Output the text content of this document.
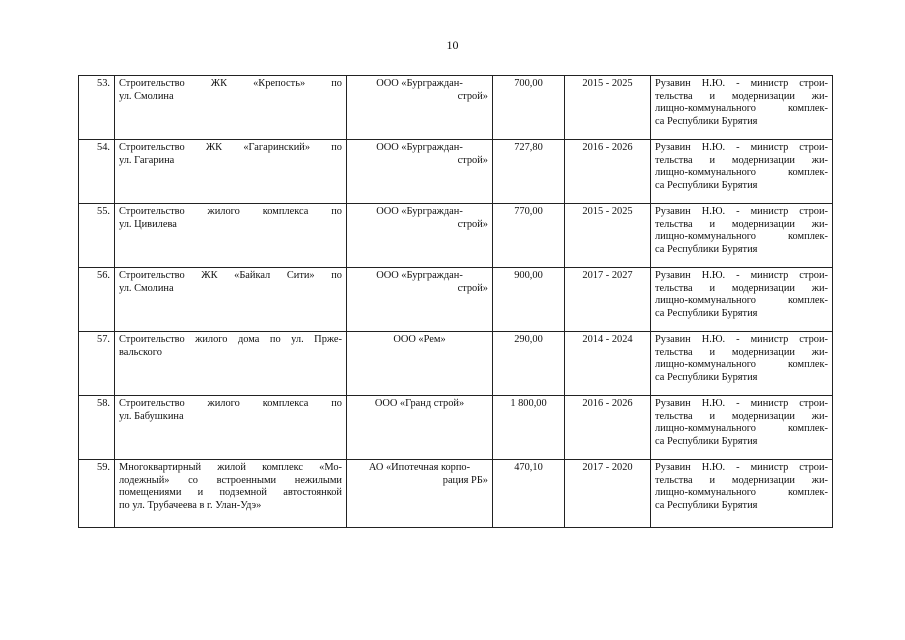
10
53.	Строительство ЖК «Крепость» по
ул. Смолина	ООО «Бурграждан-
строй»	700,00	2015 - 2025	Рузавин Н.Ю. - министр строи-
тельства и модернизации жи-
лищно-коммунального комплек-
са Республики Бурятия

54.	Строительство ЖК «Гагаринский» по
ул. Гагарина	ООО «Бурграждан-
строй»	727,80	2016 - 2026	Рузавин Н.Ю. - министр строи-
тельства и модернизации жи-
лищно-коммунального комплек-
са Республики Бурятия

55.	Строительство жилого комплекса по
ул. Цивилева	ООО «Бурграждан-
строй»	770,00	2015 - 2025	Рузавин Н.Ю. - министр строи-
тельства и модернизации жи-
лищно-коммунального комплек-
са Республики Бурятия

56.	Строительство ЖК «Байкал Сити» по
ул. Смолина	ООО «Бурграждан-
строй»	900,00	2017 - 2027	Рузавин Н.Ю. - министр строи-
тельства и модернизации жи-
лищно-коммунального комплек-
са Республики Бурятия

57.	Строительство жилого дома по ул. Прже-
вальского	ООО «Рем»	290,00	2014 - 2024	Рузавин Н.Ю. - министр строи-
тельства и модернизации жи-
лищно-коммунального комплек-
са Республики Бурятия

58.	Строительство жилого комплекса по
ул. Бабушкина	ООО «Гранд строй»	1 800,00	2016 - 2026	Рузавин Н.Ю. - министр строи-
тельства и модернизации жи-
лищно-коммунального комплек-
са Республики Бурятия

59.	Многоквартирный жилой комплекс «Мо-
лодежный» со встроенными нежилыми
помещениями и подземной автостоянкой
по ул. Трубачеева в г. Улан-Удэ»	АО «Ипотечная корпо-
рация РБ»	470,10	2017 - 2020	Рузавин Н.Ю. - министр строи-
тельства и модернизации жи-
лищно-коммунального комплек-
са Республики Бурятия
